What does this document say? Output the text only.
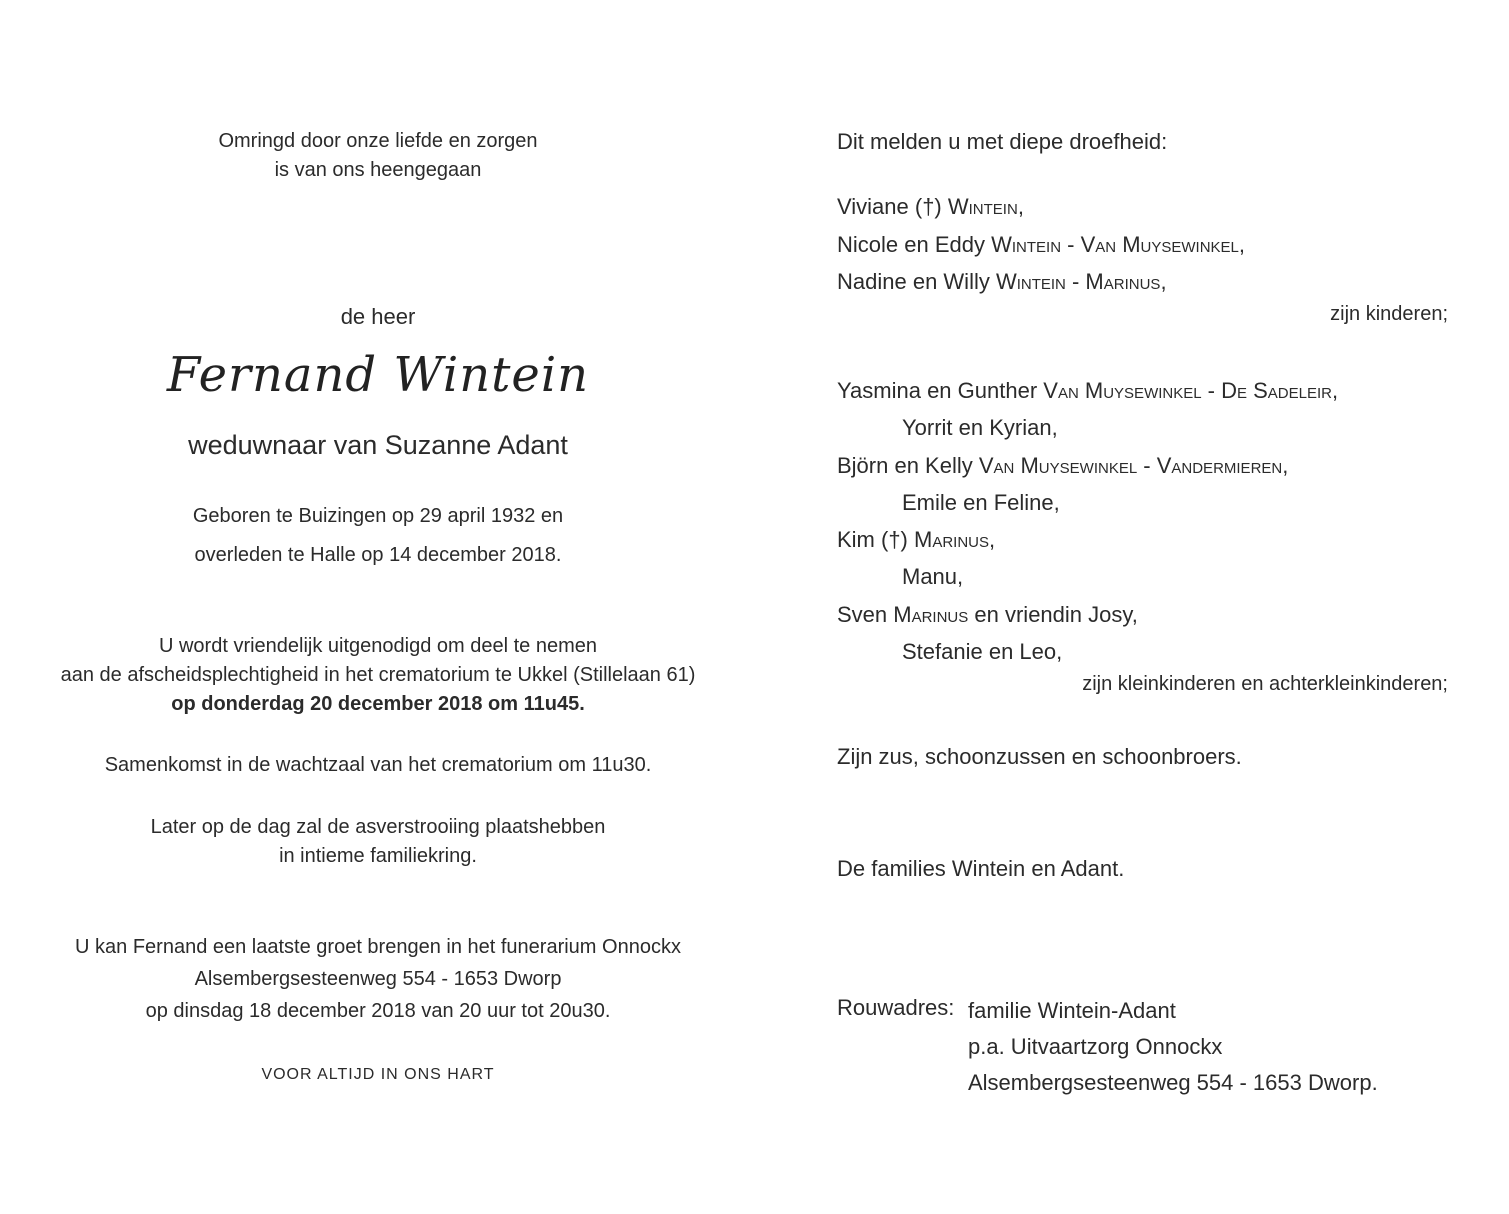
Omringd door onze liefde en zorgen
is van ons heengegaan
de heer
Fernand Wintein
weduwnaar van Suzanne Adant
Geboren te Buizingen op 29 april 1932 en
overleden te Halle op 14 december 2018.
U wordt vriendelijk uitgenodigd om deel te nemen
aan de afscheidsplechtigheid in het crematorium te Ukkel (Stillelaan 61)
op donderdag 20 december 2018 om 11u45.
Samenkomst in de wachtzaal van het crematorium om 11u30.
Later op de dag zal de asverstrooiing plaatshebben
in intieme familiekring.
U kan Fernand een laatste groet brengen in het funerarium Onnockx
Alsembergsesteenweg 554 - 1653 Dworp
op dinsdag 18 december 2018 van 20 uur tot 20u30.
VOOR ALTIJD IN ONS HART
Dit melden u met diepe droefheid:
Viviane (†) Wintein,
Nicole en Eddy Wintein - Van Muysewinkel,
Nadine en Willy Wintein - Marinus,
zijn kinderen;
Yasmina en Gunther Van Muysewinkel - De Sadeleir,
Yorrit en Kyrian,
Björn en Kelly Van Muysewinkel - Vandermieren,
Emile en Feline,
Kim (†) Marinus,
Manu,
Sven Marinus en vriendin Josy,
Stefanie en Leo,
zijn kleinkinderen en achterkleinkinderen;
Zijn zus, schoonzussen en schoonbroers.
De families Wintein en Adant.
Rouwadres: familie Wintein-Adant
p.a. Uitvaartzorg Onnockx
Alsembergsesteenweg 554 - 1653 Dworp.
